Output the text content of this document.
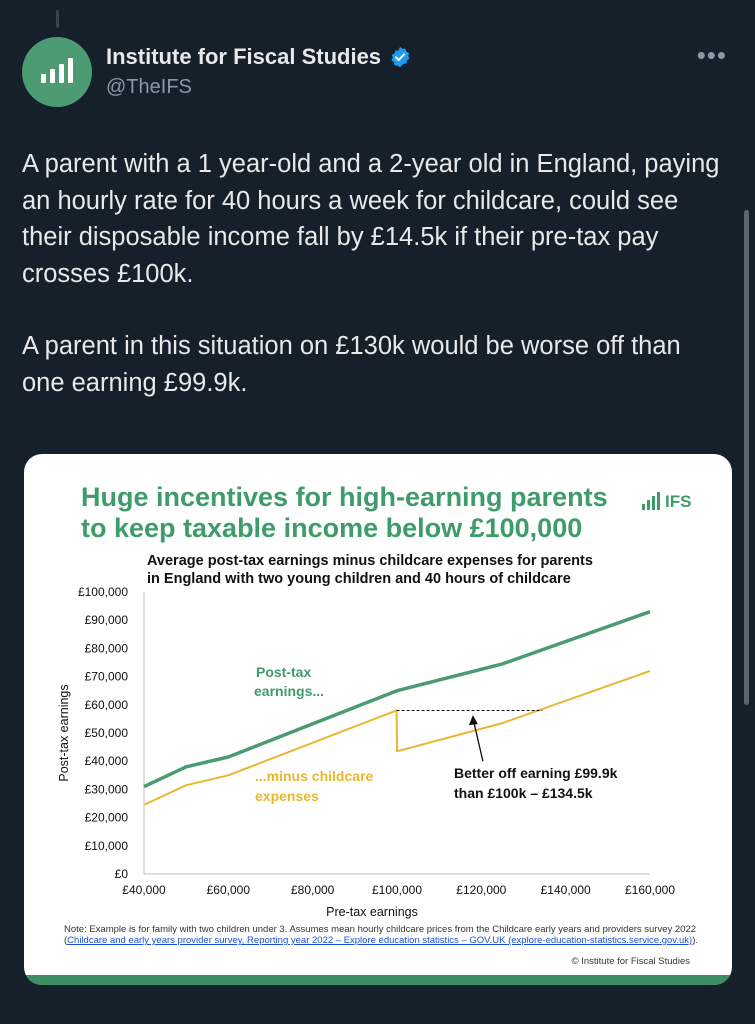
Institute for Fiscal Studies
@TheIFS
•••

A parent with a 1 year-old and a 2-year old in England, paying an hourly rate for 40 hours a week for childcare, could see their disposable income fall by £14.5k if their pre-tax pay crosses £100k.

A parent in this situation on £130k would be worse off than one earning £99.9k.

Huge incentives for high-earning parents
to keep taxable income below £100,000
IFS
Average post-tax earnings minus childcare expenses for parents
in England with two young children and 40 hours of childcare
£0
£10,000
£20,000
£30,000
£40,000
£50,000
£60,000
£70,000
£80,000
£90,000
£100,000
£40,000	£60,000	£80,000	£100,000	£120,000	£140,000	£160,000
Pre-tax earnings
Post-tax earnings
Post-tax
earnings...
...minus childcare
expenses
Better off earning £99.9k
than £100k – £134.5k
Note: Example is for family with two children under 3. Assumes mean hourly childcare prices from the Childcare early years and providers survey 2022 (Childcare and early years provider survey, Reporting year 2022 – Explore education statistics – GOV.UK (explore-education-statistics.service.gov.uk)).
© Institute for Fiscal Studies
